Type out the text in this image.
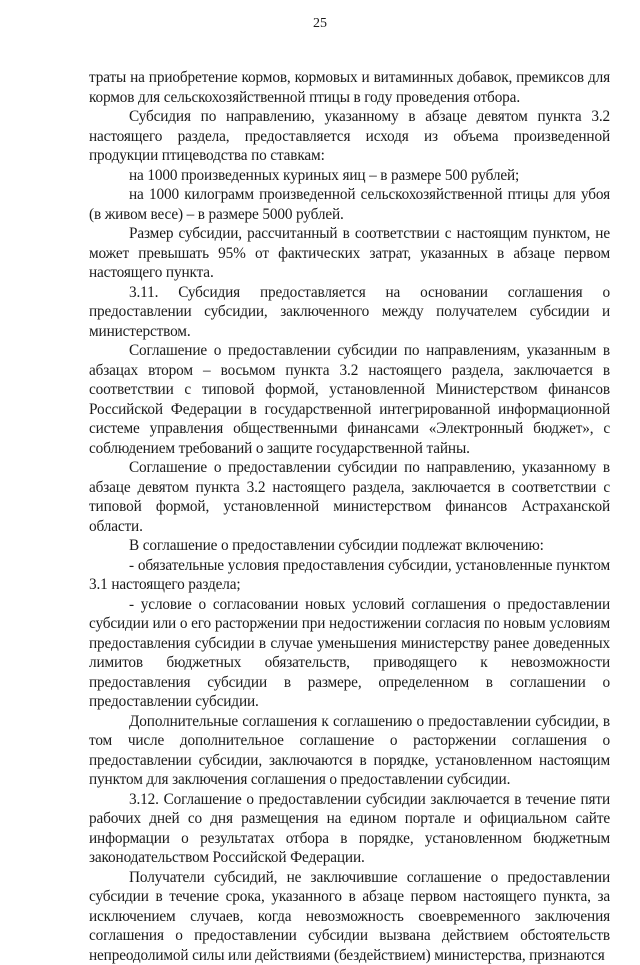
25

траты на приобретение кормов, кормовых и витаминных добавок, премиксов для кормов для сельскохозяйственной птицы в году проведения отбора.

Субсидия по направлению, указанному в абзаце девятом пункта 3.2 настоящего раздела, предоставляется исходя из объема произведенной продукции птицеводства по ставкам:

на 1000 произведенных куриных яиц – в размере 500 рублей;

на 1000 килограмм произведенной сельскохозяйственной птицы для убоя (в живом весе) – в размере 5000 рублей.

Размер субсидии, рассчитанный в соответствии с настоящим пунктом, не может превышать 95% от фактических затрат, указанных в абзаце первом настоящего пункта.

3.11. Субсидия предоставляется на основании соглашения о предоставлении субсидии, заключенного между получателем субсидии и министерством.

Соглашение о предоставлении субсидии по направлениям, указанным в абзацах втором – восьмом пункта 3.2 настоящего раздела, заключается в соответствии с типовой формой, установленной Министерством финансов Российской Федерации в государственной интегрированной информационной системе управления общественными финансами «Электронный бюджет», с соблюдением требований о защите государственной тайны.

Соглашение о предоставлении субсидии по направлению, указанному в абзаце девятом пункта 3.2 настоящего раздела, заключается в соответствии с типовой формой, установленной министерством финансов Астраханской области.

В соглашение о предоставлении субсидии подлежат включению:

- обязательные условия предоставления субсидии, установленные пунктом 3.1 настоящего раздела;

- условие о согласовании новых условий соглашения о предоставлении субсидии или о его расторжении при недостижении согласия по новым условиям предоставления субсидии в случае уменьшения министерству ранее доведенных лимитов бюджетных обязательств, приводящего к невозможности предоставления субсидии в размере, определенном в соглашении о предоставлении субсидии.

Дополнительные соглашения к соглашению о предоставлении субсидии, в том числе дополнительное соглашение о расторжении соглашения о предоставлении субсидии, заключаются в порядке, установленном настоящим пунктом для заключения соглашения о предоставлении субсидии.

3.12. Соглашение о предоставлении субсидии заключается в течение пяти рабочих дней со дня размещения на едином портале и официальном сайте информации о результатах отбора в порядке, установленном бюджетным законодательством Российской Федерации.

Получатели субсидий, не заключившие соглашение о предоставлении субсидии в течение срока, указанного в абзаце первом настоящего пункта, за исключением случаев, когда невозможность своевременного заключения соглашения о предоставлении субсидии вызвана действием обстоятельств непреодолимой силы или действиями (бездействием) министерства, признаются
